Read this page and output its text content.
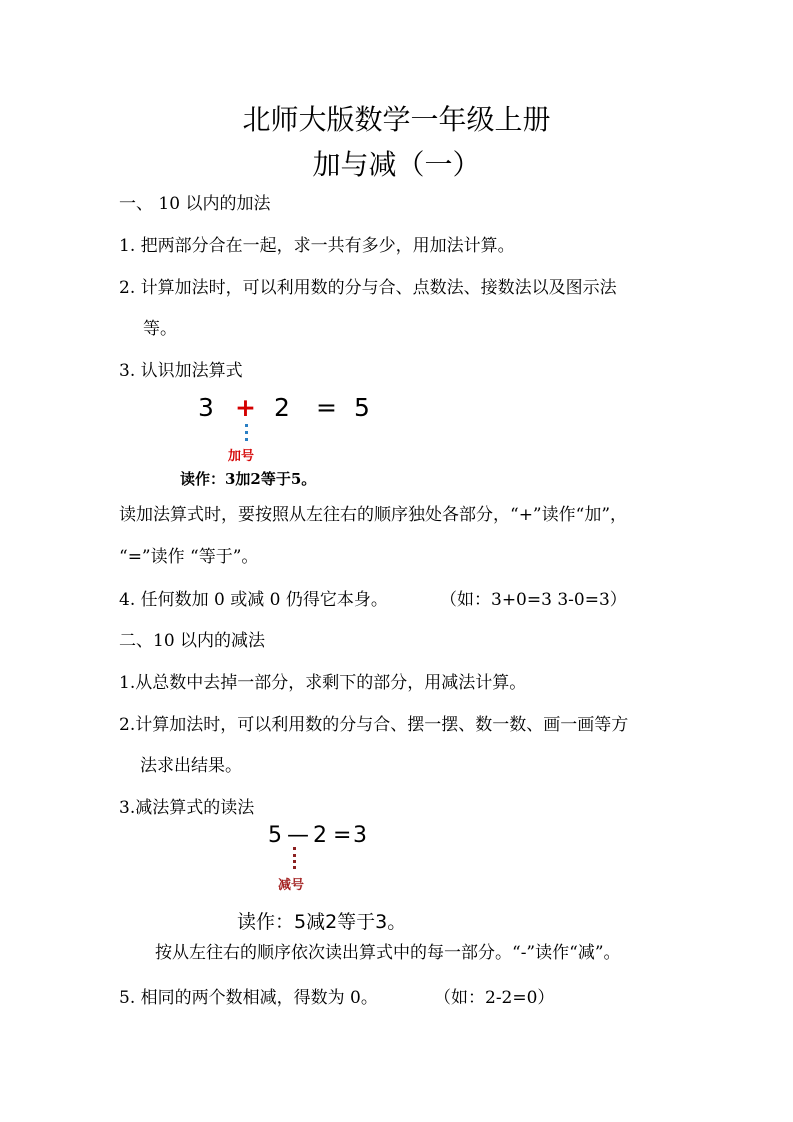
北师大版数学一年级上册
加与减（一）
一、 10 以内的加法
1. 把两部分合在一起，求一共有多少，用加法计算。
2. 计算加法时，可以利用数的分与合、点数法、接数法以及图示法
等。
3. 认识加法算式
3 + 2 = 5
加号
读作：3加2等于5。
读加法算式时，要按照从左往右的顺序独处各部分，“+”读作“加”，
“=”读作 “等于”。
4. 任何数加 0 或减 0 仍得它本身。	（如：3+0=3 3-0=3）
二、10 以内的减法
1.从总数中去掉一部分，求剩下的部分，用减法计算。
2.计算加法时，可以利用数的分与合、摆一摆、数一数、画一画等方
法求出结果。
3.减法算式的读法
5 — 2 = 3
减号
读作：5减2等于3。
按从左往右的顺序依次读出算式中的每一部分。“-”读作“减”。
5. 相同的两个数相减，得数为 0。	（如：2-2=0）
